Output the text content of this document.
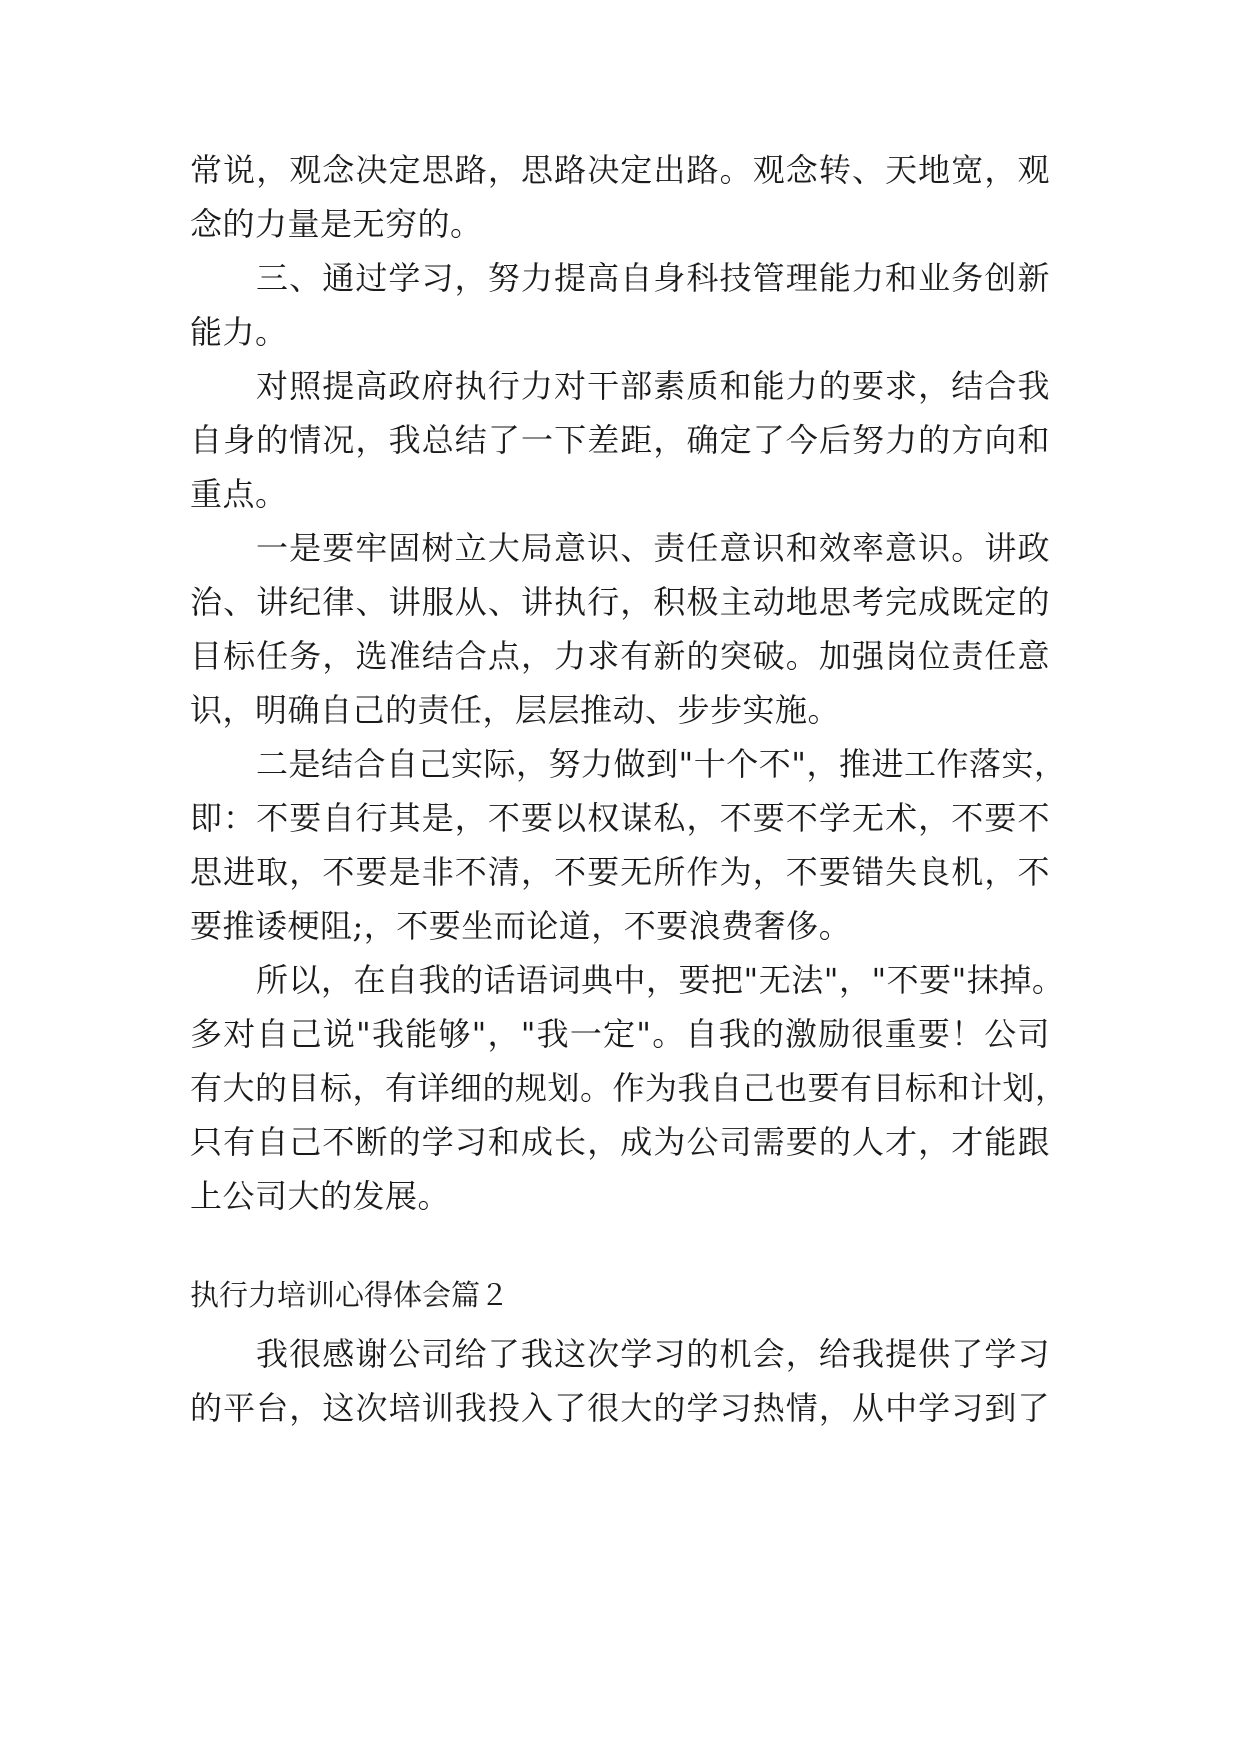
常说，观念决定思路，思路决定出路。观念转、天地宽，观
念的力量是无穷的。
三、通过学习，努力提高自身科技管理能力和业务创新
能力。
对照提高政府执行力对干部素质和能力的要求，结合我
自身的情况，我总结了一下差距，确定了今后努力的方向和
重点。
一是要牢固树立大局意识、责任意识和效率意识。讲政
治、讲纪律、讲服从、讲执行，积极主动地思考完成既定的
目标任务，选准结合点，力求有新的突破。加强岗位责任意
识，明确自己的责任，层层推动、步步实施。
二是结合自己实际，努力做到"十个不"，推进工作落实，
即：不要自行其是，不要以权谋私，不要不学无术，不要不
思进取，不要是非不清，不要无所作为，不要错失良机，不
要推诿梗阻;，不要坐而论道，不要浪费奢侈。
所以，在自我的话语词典中，要把"无法"，"不要"抹掉。
多对自己说"我能够"，"我一定"。自我的激励很重要！公司
有大的目标，有详细的规划。作为我自己也要有目标和计划，
只有自己不断的学习和成长，成为公司需要的人才，才能跟
上公司大的发展。
执行力培训心得体会篇２
我很感谢公司给了我这次学习的机会，给我提供了学习
的平台，这次培训我投入了很大的学习热情，从中学习到了
